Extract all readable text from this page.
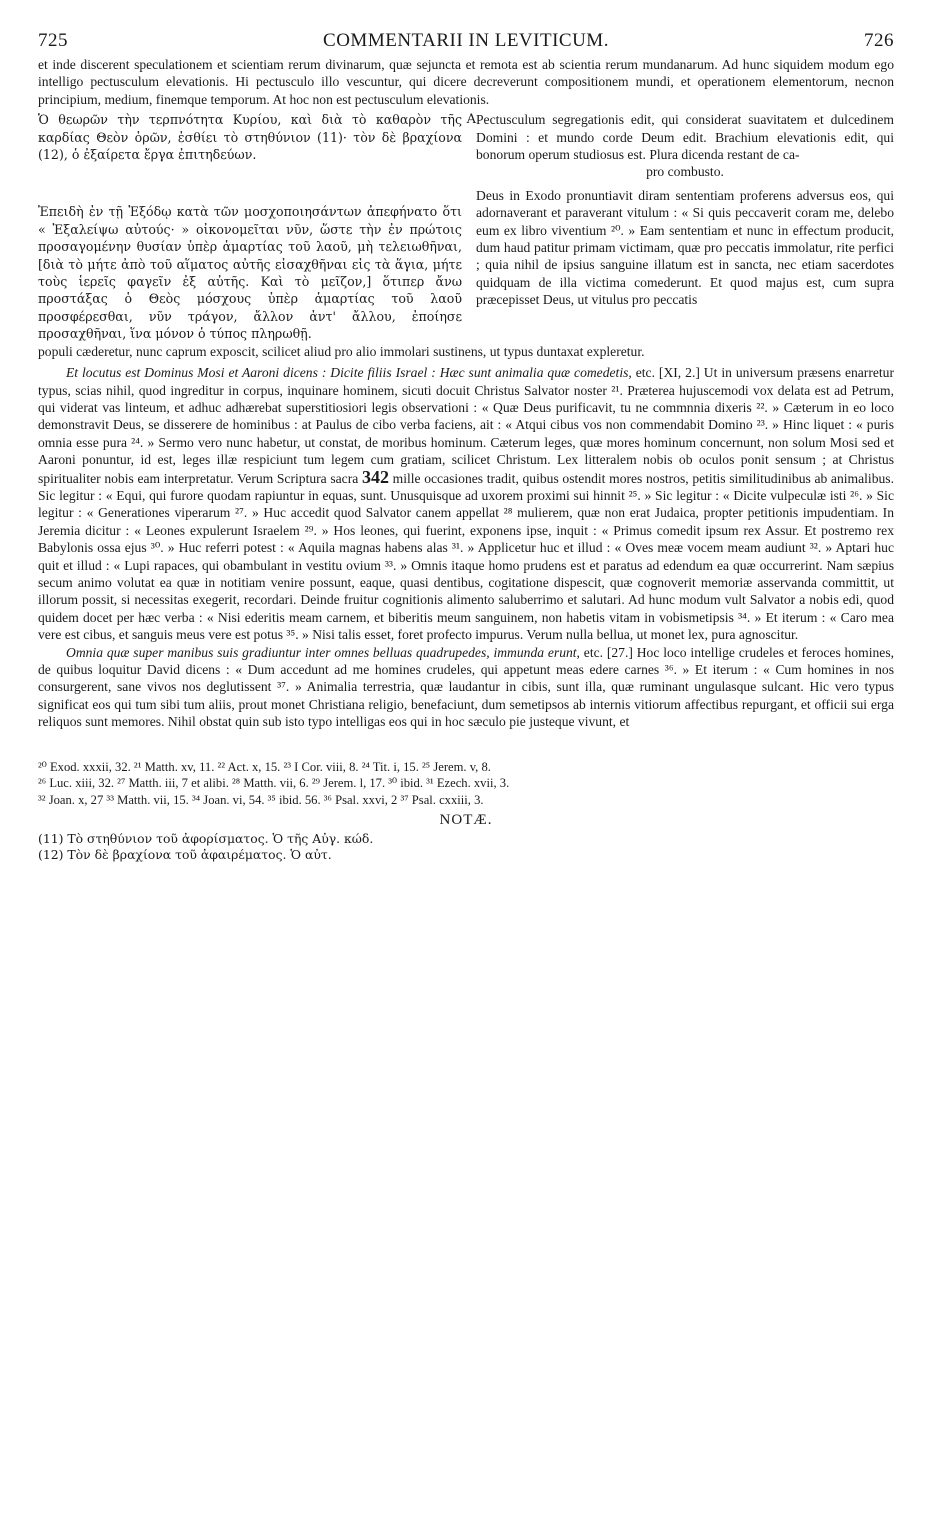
725	COMMENTARII IN LEVITICUM.	726

et inde discerent speculationem et scientiam rerum divinarum, quæ sejuncta et remota est ab scientia rerum mundanarum. Ad hunc siquidem modum ego intelligo pectusculum elevationis. Hi pectusculo illo vescuntur, qui dicere decreverunt compositionem mundi, et operationem elementorum, necnon principium, medium, finemque temporum. At hoc non est pectusculum elevationis.

A

Ὁ θεωρῶν τὴν τερπνότητα Κυρίου, καὶ διὰ τὸ καθαρὸν τῆς καρδίας Θεὸν ὁρῶν, ἐσθίει τὸ στηθύνιον (11)· τὸν δὲ βραχίονα (12), ὁ ἐξαίρετα ἔργα ἐπιτηδεύων.

Ἐπειδὴ ἐν τῇ Ἐξόδῳ κατὰ τῶν μοσχοποιησάντων ἀπεφήνατο ὅτι « Ἐξαλείψω αὐτούς· » οἰκονομεῖται νῦν, ὥστε τὴν ἐν πρώτοις προσαγομένην θυσίαν ὑπὲρ ἁμαρτίας τοῦ λαοῦ, μὴ τελειωθῆναι, [διὰ τὸ μήτε ἀπὸ τοῦ αἵματος αὐτῆς εἰσαχθῆναι εἰς τὰ ἅγια, μήτε τοὺς ἱερεῖς φαγεῖν ἐξ αὐτῆς. Καὶ τὸ μεῖζον,] ὅτιπερ ἄνω προστάξας ὁ Θεὸς μόσχους ὑπὲρ ἁμαρτίας τοῦ λαοῦ προσφέρεσθαι, νῦν τράγον, ἄλλον ἀντ' ἄλλου, ἐποίησε προσαχθῆναι, ἵνα μόνον ὁ τύπος πληρωθῇ.

Pectusculum segregationis edit, qui considerat suavitatem et dulcedinem Domini : et mundo corde Deum edit. Brachium elevationis edit, qui bonorum operum studiosus est. Plura dicenda restant de ca-

pro combusto.

Deus in Exodo pronuntiavit diram sententiam proferens adversus eos, qui adornaverant et paraverant vitulum : « Si quis peccaverit coram me, delebo eum ex libro viventium ²⁰. » Eam sententiam et nunc in effectum producit, dum haud patitur primam victimam, quæ pro peccatis immolatur, rite perfici ; quia nihil de ipsius sanguine illatum est in sancta, nec etiam sacerdotes quidquam de illa victima comederunt. Et quod majus est, cum supra præcepisset Deus, ut vitulus pro peccatis

populi cæderetur, nunc caprum exposcit, scilicet aliud pro alio immolari sustinens, ut typus duntaxat expleretur.

Et locutus est Dominus Mosi et Aaroni dicens : Dicite filiis Israel : Hæc sunt animalia quæ comedetis, etc. [XI, 2.] Ut in universum præsens enarretur typus, scias nihil, quod ingreditur in corpus, inquinare hominem, sicuti docuit Christus Salvator noster ²¹. Præterea hujuscemodi vox delata est ad Petrum, qui viderat vas linteum, et adhuc adhærebat superstitiosiori legis observationi : « Quæ Deus purificavit, tu ne commnnia dixeris ²². » Cæterum in eo loco demonstravit Deus, se disserere de hominibus : at Paulus de cibo verba faciens, ait : « Atqui cibus vos non commendabit Domino ²³. » Hinc liquet : « puris omnia esse pura ²⁴. » Sermo vero nunc habetur, ut constat, de moribus hominum. Cæterum leges, quæ mores hominum concernunt, non solum Mosi sed et Aaroni ponuntur, id est, leges illæ respiciunt tum legem cum gratiam, scilicet Christum. Lex litteralem nobis ob oculos ponit sensum ; at Christus spiritualiter nobis eam interpretatur. Verum Scriptura sacra 342 mille occasiones tradit, quibus ostendit mores nostros, petitis similitudinibus ab animalibus. Sic legitur : « Equi, qui furore quodam rapiuntur in equas, sunt. Unusquisque ad uxorem proximi sui hinnit ²⁵. » Sic legitur : « Dicite vulpeculæ isti ²⁶. » Sic legitur : « Generationes viperarum ²⁷. » Huc accedit quod Salvator canem appellat ²⁸ mulierem, quæ non erat Judaica, propter petitionis impudentiam. In Jeremia dicitur : « Leones expulerunt Israelem ²⁹. » Hos leones, qui fuerint, exponens ipse, inquit : « Primus comedit ipsum rex Assur. Et postremo rex Babylonis ossa ejus ³⁰. » Huc referri potest : « Aquila magnas habens alas ³¹. » Applicetur huc et illud : « Oves meæ vocem meam audiunt ³². » Aptari huc quit et illud : « Lupi rapaces, qui obambulant in vestitu ovium ³³. » Omnis itaque homo prudens est et paratus ad edendum ea quæ occurrerint. Nam sæpius secum animo volutat ea quæ in notitiam venire possunt, eaque, quasi dentibus, cogitatione dispescit, quæ cognoverit memoriæ asservanda committit, ut illorum possit, si necessitas exegerit, recordari. Deinde fruitur cognitionis alimento saluberrimo et salutari. Ad hunc modum vult Salvator a nobis edi, quod quidem docet per hæc verba : « Nisi ederitis meam carnem, et biberitis meum sanguinem, non habetis vitam in vobismetipsis ³⁴. » Et iterum : « Caro mea vere est cibus, et sanguis meus vere est potus ³⁵. » Nisi talis esset, foret profecto impurus. Verum nulla bellua, ut monet lex, pura agnoscitur.

Omnia quæ super manibus suis gradiuntur inter omnes belluas quadrupedes, immunda erunt, etc. [27.] Hoc loco intellige crudeles et feroces homines, de quibus loquitur David dicens : « Dum accedunt ad me homines crudeles, qui appetunt meas edere carnes ³⁶. » Et iterum : « Cum homines in nos consurgerent, sane vivos nos deglutissent ³⁷. » Animalia terrestria, quæ laudantur in cibis, sunt illa, quæ ruminant ungulasque sulcant. Hic vero typus significat eos qui tum sibi tum aliis, prout monet Christiana religio, benefaciunt, dum semetipsos ab internis vitiorum affectibus repurgant, et officii sui erga reliquos sunt memores. Nihil obstat quin sub isto typo intelligas eos qui in hoc sæculo pie justeque vivunt, et

²⁰ Exod. xxxii, 32. ²¹ Matth. xv, 11. ²² Act. x, 15. ²³ I Cor. viii, 8. ²⁴ Tit. i, 15. ²⁵ Jerem. v, 8.

²⁶ Luc. xiii, 32. ²⁷ Matth. iii, 7 et alibi. ²⁸ Matth. vii, 6. ²⁹ Jerem. l, 17. ³⁰ ibid. ³¹ Ezech. xvii, 3.

³² Joan. x, 27 ³³ Matth. vii, 15. ³⁴ Joan. vi, 54. ³⁵ ibid. 56. ³⁶ Psal. xxvi, 2 ³⁷ Psal. cxxiii, 3.

NOTÆ.

(11) Τὸ στηθύνιον τοῦ ἀφορίσματος. Ὁ τῆς Αὐγ. κώδ.

(12) Τὸν δὲ βραχίονα τοῦ ἀφαιρέματος. Ὁ αὐτ.
